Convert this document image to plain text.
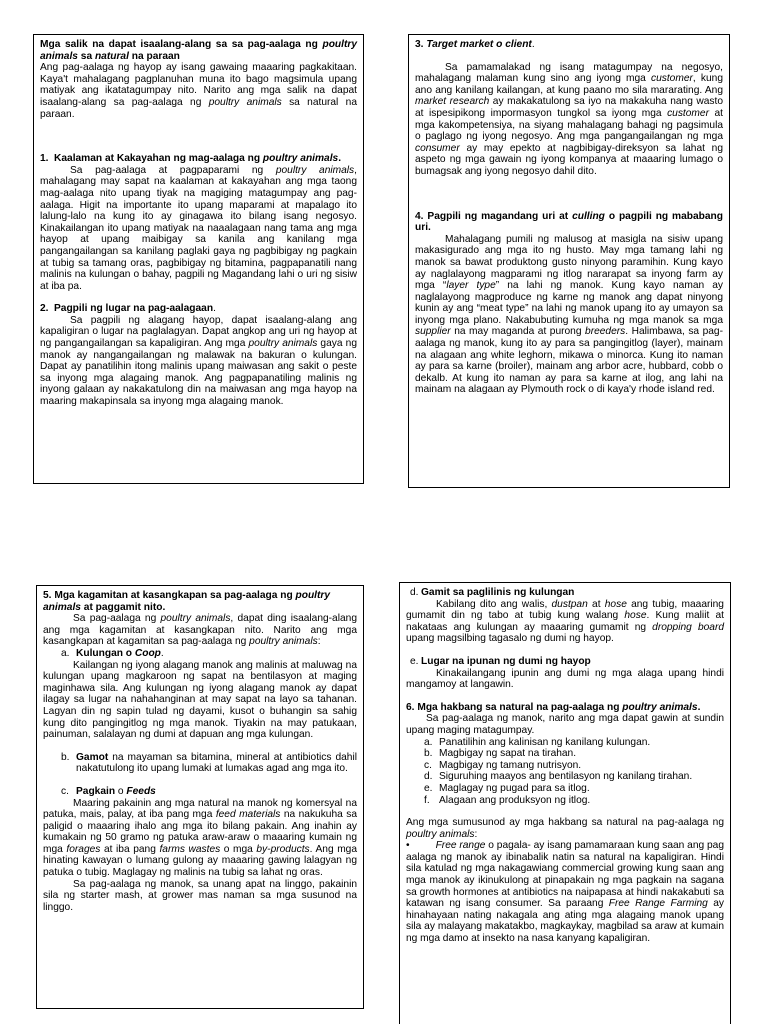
Mga salik na dapat isaalang-alang sa sa pag-aalaga ng poultry animals sa natural na paraan

Ang pag-aalaga ng hayop ay isang gawaing maaaring pagkakitaan. Kaya't mahalagang pagplanuhan muna ito bago magsimula upang matiyak ang ikatatagumpay nito. Narito ang mga salik na dapat isaalang-alang sa pag-aalaga ng poultry animals sa natural na paraan.

1. Kaalaman at Kakayahan ng mag-aalaga ng poultry animals.

Sa pag-aalaga at pagpaparami ng poultry animals, mahalagang may sapat na kaalaman at kakayahan ang mga taong mag-aalaga nito upang tiyak na magiging matagumpay ang pag-aalaga. Higit na importante ito upang maparami at mapalago ito lalung-lalo na kung ito ay ginagawa ito bilang isang negosyo. Kinakailangan ito upang matiyak na naaalagaan nang tama ang mga hayop at upang maibigay sa kanila ang kanilang mga pangangailangan sa kanilang paglaki gaya ng pagbibigay ng pagkain at tubig sa tamang oras, pagbibigay ng bitamina, pagpapanatili nang malinis na kulungan o bahay, pagpili ng Magandang lahi o uri ng sisiw at iba pa.

2. Pagpili ng lugar na pag-aalagaan.

Sa pagpili ng alagang hayop, dapat isaalang-alang ang kapaligiran o lugar na paglalagyan. Dapat angkop ang uri ng hayop at ng pangangailangan sa kapaligiran. Ang mga poultry animals gaya ng manok ay nangangailangan ng malawak na bakuran o kulungan. Dapat ay panatilihin itong malinis upang maiwasan ang sakit o peste sa inyong mga alagaing manok. Ang pagpapanatiling malinis ng inyong galaan ay nakakatulong din na maiwasan ang mga hayop na maaring makapinsala sa inyong mga alagaing manok.

3. Target market o client.

Sa pamamalakad ng isang matagumpay na negosyo, mahalagang malaman kung sino ang iyong mga customer, kung ano ang kanilang kailangan, at kung paano mo sila mararating. Ang market research ay makakatulong sa iyo na makakuha nang wasto at ispesipikong impormasyon tungkol sa iyong mga customer at mga kakompetensiya, na siyang mahalagang bahagi ng pagsimula o paglago ng iyong negosyo. Ang mga pangangailangan ng mga consumer ay may epekto at nagbibigay-direksyon sa lahat ng aspeto ng mga gawain ng iyong kompanya at maaaring lumago o bumagsak ang iyong negosyo dahil dito.

4. Pagpili ng magandang uri at culling o pagpili ng mababang uri.

Mahalagang pumili ng malusog at masigla na sisiw upang makasigurado ang mga ito ng husto. May mga tamang lahi ng manok sa bawat produktong gusto ninyong paramihin. Kung kayo ay naglalayong magparami ng itlog nararapat sa inyong farm ay mga “layer type” na lahi ng manok. Kung kayo naman ay naglalayong magproduce ng karne ng manok ang dapat ninyong kunin ay ang “meat type” na lahi ng manok upang ito ay umayon sa inyong mga plano. Nakabubuting kumuha ng mga manok sa mga supplier na may maganda at purong breeders. Halimbawa, sa pag-aalaga ng manok, kung ito ay para sa pangingitlog (layer), mainam na alagaan ang white leghorn, mikawa o minorca. Kung ito naman ay para sa karne (broiler), mainam ang arbor acre, hubbard, cobb o dekalb. At kung ito naman ay para sa karne at ilog, ang lahi na mainam na alagaan ay Plymouth rock o di kaya'y rhode island red.

5. Mga kagamitan at kasangkapan sa pag-aalaga ng poultry animals at paggamit nito.

Sa pag-aalaga ng poultry animals, dapat ding isaalang-alang ang mga kagamitan at kasangkapan nito. Narito ang mga kasangkapan at kagamitan sa pag-aalaga ng poultry animals:

a. Kulungan o Coop.

Kailangan ng iyong alagang manok ang malinis at maluwag na kulungan upang magkaroon ng sapat na bentilasyon at maging maginhawa sila. Ang kulungan ng iyong alagang manok ay dapat ilagay sa lugar na nahahanginan at may sapat na layo sa tahanan. Lagyan din ng sapin tulad ng dayami, kusot o buhangin sa sahig kung dito pangingitlog ng mga manok. Tiyakin na may patukaan, painuman, salalayan ng dumi at dapuan ang mga kulungan.

b. Gamot na mayaman sa bitamina, mineral at antibiotics dahil nakatutulong ito upang lumaki at lumakas agad ang mga ito.
c. Pagkain o Feeds

Maaring pakainin ang mga natural na manok ng komersyal na patuka, mais, palay, at iba pang mga feed materials na nakukuha sa paligid o maaaring ihalo ang mga ito bilang pakain. Ang inahin ay kumakain ng 50 gramo ng patuka araw-araw o maaaring kumain ng mga forages at iba pang farms wastes o mga by-products. Ang mga hinating kawayan o lumang gulong ay maaaring gawing lalagyan ng patuka o tubig. Maglagay ng malinis na tubig sa lahat ng oras.

Sa pag-aalaga ng manok, sa unang apat na linggo, pakainin sila ng starter mash, at grower mas naman sa mga susunod na linggo.

d. Gamit sa paglilinis ng kulungan

Kabilang dito ang walis, dustpan at hose ang tubig, maaaring gumamit din ng tabo at tubig kung walang hose. Kung maliit at nakataas ang kulungan ay maaaring gumamit ng dropping board upang magsilbing tagasalo ng dumi ng hayop.

e. Lugar na ipunan ng dumi ng hayop

Kinakailangang ipunin ang dumi ng mga alaga upang hindi mangamoy at langawin.

6. Mga hakbang sa natural na pag-aalaga ng poultry animals.

Sa pag-aalaga ng manok, narito ang mga dapat gawin at sundin upang maging matagumpay.

a. Panatilihin ang kalinisan ng kanilang kulungan.
b. Magbigay ng sapat na tirahan.
c. Magbigay ng tamang nutrisyon.
d. Siguruhing maayos ang bentilasyon ng kanilang tirahan.
e. Maglagay ng pugad para sa itlog.
f. Alagaan ang produksyon ng itlog.

Ang mga sumusunod ay mga hakbang sa natural na pag-aalaga ng poultry animals:

•	Free range o pagala- ay isang pamamaraan kung saan ang pag aalaga ng manok ay ibinabalik natin sa natural na kapaligiran. Hindi sila katulad ng mga nakagawiang commercial growing kung saan ang mga manok ay ikinukulong at pinapakain ng mga pagkain na sagana sa growth hormones at antibiotics na naipapasa at hindi nakakabuti sa katawan ng isang consumer. Sa paraang Free Range Farming ay hinahayaan nating nakagala ang ating mga alagaing manok upang sila ay malayang makatakbo, magkaykay, magbilad sa araw at kumain ng mga damo at insekto na nasa kanyang kapaligiran.
